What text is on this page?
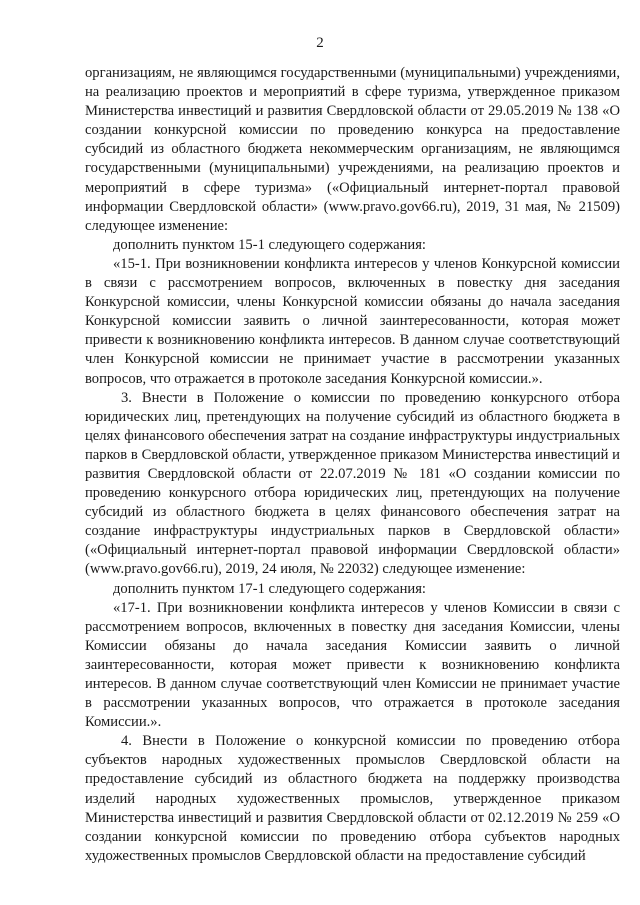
2

организациям, не являющимся государственными (муниципальными) учреждениями, на реализацию проектов и мероприятий в сфере туризма, утвержденное приказом Министерства инвестиций и развития Свердловской области от 29.05.2019 № 138 «О создании конкурсной комиссии по проведению конкурса на предоставление субсидий из областного бюджета некоммерческим организациям, не являющимся государственными (муниципальными) учреждениями, на реализацию проектов и мероприятий в сфере туризма» («Официальный интернет-портал правовой информации Свердловской области» (www.pravo.gov66.ru), 2019, 31 мая, № 21509) следующее изменение:

дополнить пунктом 15-1 следующего содержания:

«15-1. При возникновении конфликта интересов у членов Конкурсной комиссии в связи с рассмотрением вопросов, включенных в повестку дня заседания Конкурсной комиссии, члены Конкурсной комиссии обязаны до начала заседания Конкурсной комиссии заявить о личной заинтересованности, которая может привести к возникновению конфликта интересов. В данном случае соответствующий член Конкурсной комиссии не принимает участие в рассмотрении указанных вопросов, что отражается в протоколе заседания Конкурсной комиссии.».

3. Внести в Положение о комиссии по проведению конкурсного отбора юридических лиц, претендующих на получение субсидий из областного бюджета в целях финансового обеспечения затрат на создание инфраструктуры индустриальных парков в Свердловской области, утвержденное приказом Министерства инвестиций и развития Свердловской области от 22.07.2019 № 181 «О создании комиссии по проведению конкурсного отбора юридических лиц, претендующих на получение субсидий из областного бюджета в целях финансового обеспечения затрат на создание инфраструктуры индустриальных парков в Свердловской области» («Официальный интернет-портал правовой информации Свердловской области» (www.pravo.gov66.ru), 2019, 24 июля, № 22032) следующее изменение:

дополнить пунктом 17-1 следующего содержания:

«17-1. При возникновении конфликта интересов у членов Комиссии в связи с рассмотрением вопросов, включенных в повестку дня заседания Комиссии, члены Комиссии обязаны до начала заседания Комиссии заявить о личной заинтересованности, которая может привести к возникновению конфликта интересов. В данном случае соответствующий член Комиссии не принимает участие в рассмотрении указанных вопросов, что отражается в протоколе заседания Комиссии.».

4. Внести в Положение о конкурсной комиссии по проведению отбора субъектов народных художественных промыслов Свердловской области на предоставление субсидий из областного бюджета на поддержку производства изделий народных художественных промыслов, утвержденное приказом Министерства инвестиций и развития Свердловской области от 02.12.2019 № 259 «О создании конкурсной комиссии по проведению отбора субъектов народных художественных промыслов Свердловской области на предоставление субсидий
